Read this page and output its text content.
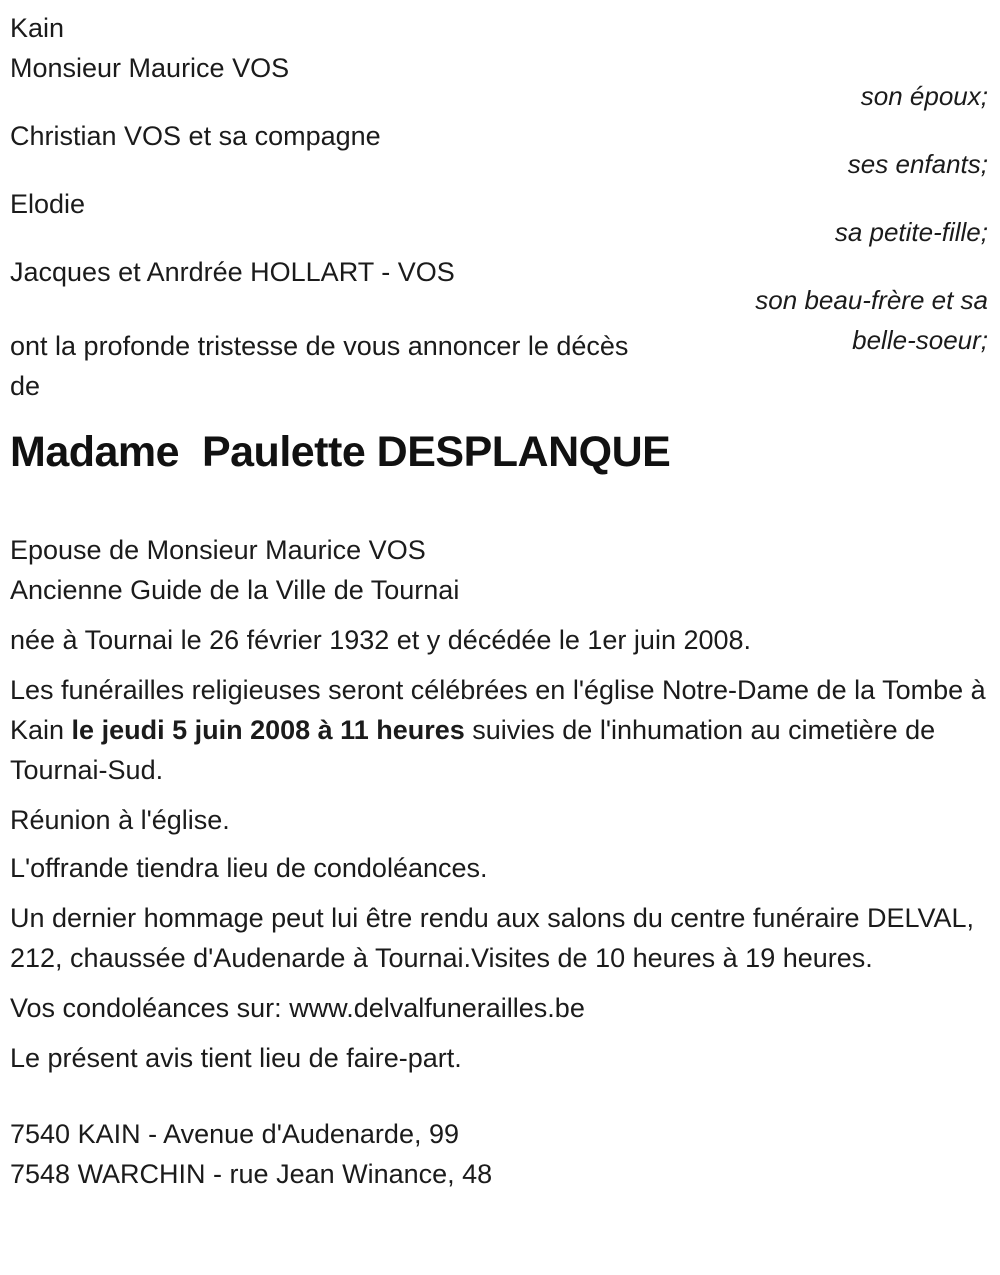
Kain

Monsieur Maurice VOS

son époux;

Christian VOS et sa compagne

ses enfants;

Elodie

sa petite-fille;

Jacques et Anrdrée HOLLART - VOS

son beau-frère et sa

belle-soeur;

ont la profonde tristesse de vous annoncer le décès

de

Madame  Paulette DESPLANQUE

Epouse de Monsieur Maurice VOS

Ancienne Guide de la Ville de Tournai

née à Tournai le 26 février 1932 et y décédée le 1er juin 2008.

Les funérailles religieuses seront célébrées en l'église Notre-Dame de la Tombe à Kain le jeudi 5 juin 2008 à 11 heures suivies de l'inhumation au cimetière de Tournai-Sud.

Réunion à l'église.

L'offrande tiendra lieu de condoléances.

Un dernier hommage peut lui être rendu aux salons du centre funéraire DELVAL, 212, chaussée d'Audenarde à Tournai.Visites de 10 heures à 19 heures.

Vos condoléances sur: www.delvalfunerailles.be

Le présent avis tient lieu de faire-part.

7540 KAIN - Avenue d'Audenarde, 99

7548 WARCHIN - rue Jean Winance, 48
